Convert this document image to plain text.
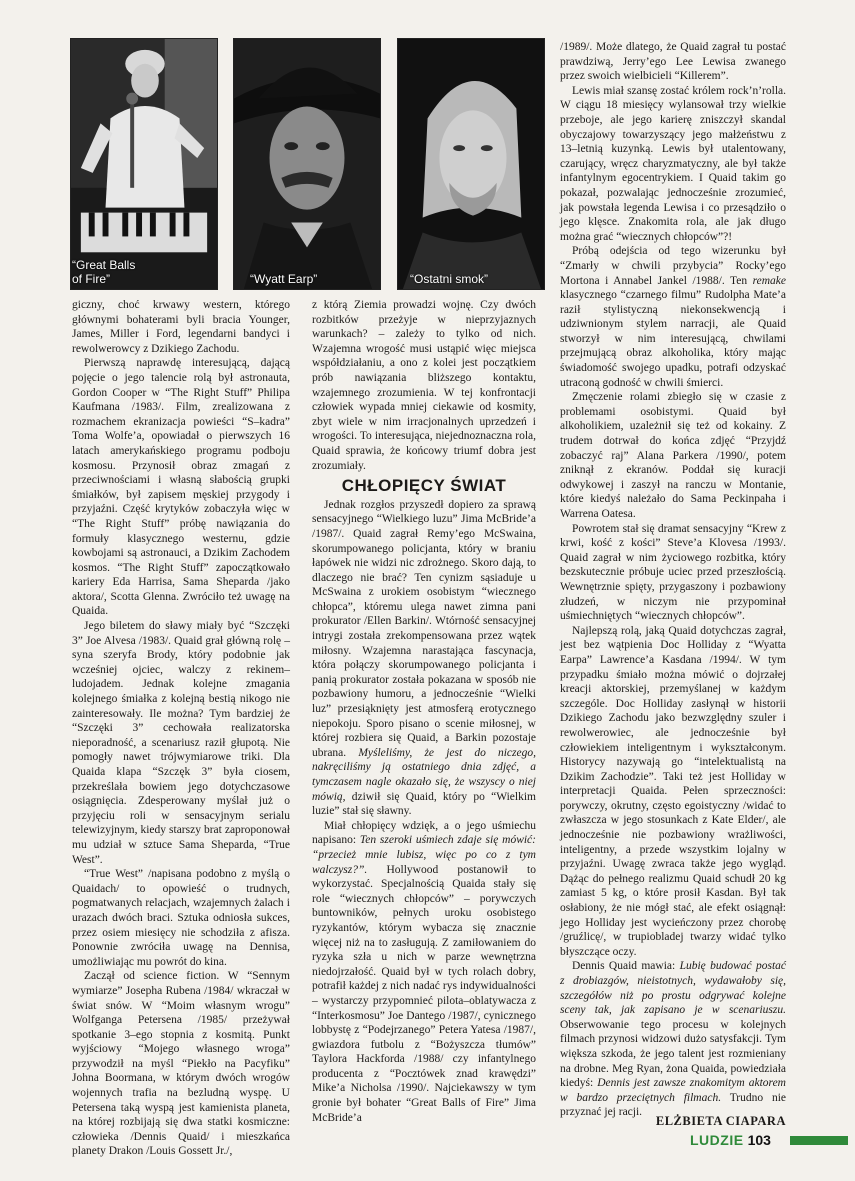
“Great Balls
of Fire”	“Wyatt Earp”	“Ostatni smok”

giczny, choć krwawy western, którego głównymi bohaterami byli bracia Younger, James, Miller i Ford, legendarni bandyci i rewolwerowcy z Dzikiego Zachodu.

Pierwszą naprawdę interesującą, dającą pojęcie o jego talencie rolą był astronauta, Gordon Cooper w “The Right Stuff” Philipa Kaufmana /1983/. Film, zrealizowana z rozmachem ekranizacja powieści “S–kadra” Toma Wolfe’a, opowiadał o pierwszych 16 latach amerykańskiego programu podboju kosmosu. Przynosił obraz zmagań z przeciwnościami i własną słabością grupki śmiałków, był zapisem męskiej przygody i przyjaźni. Część krytyków zobaczyła więc w “The Right Stuff” próbę nawiązania do formuły klasycznego westernu, gdzie kowbojami są astronauci, a Dzikim Zachodem kosmos. “The Right Stuff” zapoczątkowało kariery Eda Harrisa, Sama Sheparda /jako aktora/, Scotta Glenna. Zwróciło też uwagę na Quaida.

Jego biletem do sławy miały być “Szczęki 3” Joe Alvesa /1983/. Quaid grał główną rolę – syna szeryfa Brody, który podobnie jak wcześniej ojciec, walczy z rekinem–ludojadem. Jednak kolejne zmagania kolejnego śmiałka z kolejną bestią nikogo nie zainteresowały. Ile można? Tym bardziej że “Szczęki 3” cechowała realizatorska nieporadność, a scenariusz raził głupotą. Nie pomogły nawet trójwymiarowe triki. Dla Quaida klapa “Szczęk 3” była ciosem, przekreślała bowiem jego dotychczasowe osiągnięcia. Zdesperowany myślał już o przyjęciu roli w sensacyjnym serialu telewizyjnym, kiedy starszy brat zaproponował mu udział w sztuce Sama Sheparda, “True West”.

“True West” /napisana podobno z myślą o Quaidach/ to opowieść o trudnych, pogmatwanych relacjach, wzajemnych żalach i urazach dwóch braci. Sztuka odniosła sukces, przez osiem miesięcy nie schodziła z afisza. Ponownie zwróciła uwagę na Dennisa, umożliwiając mu powrót do kina.

Zaczął od science fiction. W “Sennym wymiarze” Josepha Rubena /1984/ wkraczał w świat snów. W “Moim własnym wrogu” Wolfganga Petersena /1985/ przeżywał spotkanie 3–ego stopnia z kosmitą. Punkt wyjściowy “Mojego własnego wroga” przywodził na myśl “Piekło na Pacyfiku” Johna Boormana, w którym dwóch wrogów wojennych trafia na bezludną wyspę. U Petersena taką wyspą jest kamienista planeta, na której rozbijają się dwa statki kosmiczne: człowieka /Dennis Quaid/ i mieszkańca planety Drakon /Louis Gossett Jr./,

z którą Ziemia prowadzi wojnę. Czy dwóch rozbitków przeżyje w nieprzyjaznych warunkach? – zależy to tylko od nich. Wzajemna wrogość musi ustąpić więc miejsca współdziałaniu, a ono z kolei jest początkiem prób nawiązania bliższego kontaktu, wzajemnego zrozumienia. W tej konfrontacji człowiek wypada mniej ciekawie od kosmity, zbyt wiele w nim irracjonalnych uprzedzeń i wrogości. To interesująca, niejednoznaczna rola, Quaid sprawia, że końcowy triumf dobra jest zrozumiały.

CHŁOPIĘCY ŚWIAT

Jednak rozgłos przyszedł dopiero za sprawą sensacyjnego “Wielkiego luzu” Jima McBride’a /1987/. Quaid zagrał Remy’ego McSwaina, skorumpowanego policjanta, który w braniu łapówek nie widzi nic zdrożnego. Skoro dają, to dlaczego nie brać? Ten cynizm sąsiaduje u McSwaina z urokiem osobistym “wiecznego chłopca”, któremu ulega nawet zimna pani prokurator /Ellen Barkin/. Wtórność sensacyjnej intrygi została zrekompensowana przez wątek miłosny. Wzajemna narastająca fascynacja, która połączy skorumpowanego policjanta i panią prokurator została pokazana w sposób nie pozbawiony humoru, a jednocześnie “Wielki luz” przesiąknięty jest atmosferą erotycznego niepokoju. Sporo pisano o scenie miłosnej, w której rozbiera się Quaid, a Barkin pozostaje ubrana. Myśleliśmy, że jest do niczego, nakręciliśmy ją ostatniego dnia zdjęć, a tymczasem nagle okazało się, że wszyscy o niej mówią, dziwił się Quaid, który po “Wielkim luzie” stał się sławny.

Miał chłopięcy wdzięk, a o jego uśmiechu napisano: Ten szeroki uśmiech zdaje się mówić: “przecież mnie lubisz, więc po co z tym walczysz?”. Hollywood postanowił to wykorzystać. Specjalnością Quaida stały się role “wiecznych chłopców” – porywczych buntowników, pełnych uroku osobistego ryzykantów, którym wybacza się znacznie więcej niż na to zasługują. Z zamiłowaniem do ryzyka szła u nich w parze wewnętrzna niedojrzałość. Quaid był w tych rolach dobry, potrafił każdej z nich nadać rys indywidualności – wystarczy przypomnieć pilota–oblatywacza z “Interkosmosu” Joe Dantego /1987/, cynicznego lobbystę z “Podejrzanego” Petera Yatesa /1987/, gwiazdora futbolu z “Bożyszcza tłumów” Taylora Hackforda /1988/ czy infantylnego producenta z “Pocztówek znad krawędzi” Mike’a Nicholsa /1990/. Najciekawszy w tym gronie był bohater “Great Balls of Fire” Jima McBride’a

/1989/. Może dlatego, że Quaid zagrał tu postać prawdziwą, Jerry’ego Lee Lewisa zwanego przez swoich wielbicieli “Killerem”.

Lewis miał szansę zostać królem rock’n’rolla. W ciągu 18 miesięcy wylansował trzy wielkie przeboje, ale jego karierę zniszczył skandal obyczajowy towarzyszący jego małżeństwu z 13–letnią kuzynką. Lewis był utalentowany, czarujący, wręcz charyzmatyczny, ale był także infantylnym egocentrykiem. I Quaid takim go pokazał, pozwalając jednocześnie zrozumieć, jak powstała legenda Lewisa i co przesądziło o jego klęsce. Znakomita rola, ale jak długo można grać “wiecznych chłopców”?!

Próbą odejścia od tego wizerunku był “Zmarły w chwili przybycia” Rocky’ego Mortona i Annabel Jankel /1988/. Ten remake klasycznego “czarnego filmu” Rudolpha Mate’a raził stylistyczną niekonsekwencją i udziwnionym stylem narracji, ale Quaid stworzył w nim interesującą, chwilami przejmującą obraz alkoholika, który mając świadomość swojego upadku, potrafi odzyskać utraconą godność w chwili śmierci.

Zmęczenie rolami zbiegło się w czasie z problemami osobistymi. Quaid był alkoholikiem, uzależnił się też od kokainy. Z trudem dotrwał do końca zdjęć “Przyjdź zobaczyć raj” Alana Parkera /1990/, potem zniknął z ekranów. Poddał się kuracji odwykowej i zaszył na ranczu w Montanie, które kiedyś należało do Sama Peckinpaha i Warrena Oatesa.

Powrotem stał się dramat sensacyjny “Krew z krwi, kość z kości” Steve’a Klovesa /1993/. Quaid zagrał w nim życiowego rozbitka, który bezskutecznie próbuje uciec przed przeszłością. Wewnętrznie spięty, przygaszony i pozbawiony złudzeń, w niczym nie przypominał uśmiechniętych “wiecznych chłopców”.

Najlepszą rolą, jaką Quaid dotychczas zagrał, jest bez wątpienia Doc Holliday z “Wyatta Earpa” Lawrence’a Kasdana /1994/. W tym przypadku śmiało można mówić o dojrzałej kreacji aktorskiej, przemyślanej w każdym szczególe. Doc Holliday zasłynął w historii Dzikiego Zachodu jako bezwzględny szuler i rewolwerowiec, ale jednocześnie był człowiekiem inteligentnym i wykształconym. Historycy nazywają go “intelektualistą na Dzikim Zachodzie”. Taki też jest Holliday w interpretacji Quaida. Pełen sprzeczności: porywczy, okrutny, często egoistyczny /widać to zwłaszcza w jego stosunkach z Kate Elder/, ale jednocześnie nie pozbawiony wrażliwości, inteligentny, a przede wszystkim lojalny w przyjaźni. Uwagę zwraca także jego wygląd. Dążąc do pełnego realizmu Quaid schudł 20 kg zamiast 5 kg, o które prosił Kasdan. Był tak osłabiony, że nie mógł stać, ale efekt osiągnął: jego Holliday jest wycieńczony przez chorobę /gruźlicę/, w trupiobladej twarzy widać tylko błyszczące oczy.

Dennis Quaid mawia: Lubię budować postać z drobiazgów, nieistotnych, wydawałoby się, szczegółów niż po prostu odgrywać kolejne sceny tak, jak zapisano je w scenariuszu. Obserwowanie tego procesu w kolejnych filmach przynosi widzowi dużo satysfakcji. Tym większa szkoda, że jego talent jest rozmieniany na drobne. Meg Ryan, żona Quaida, powiedziała kiedyś: Dennis jest zawsze znakomitym aktorem w bardzo przeciętnych filmach. Trudno nie przyznać jej racji.

ELŻBIETA CIAPARA
LUDZIE 103
